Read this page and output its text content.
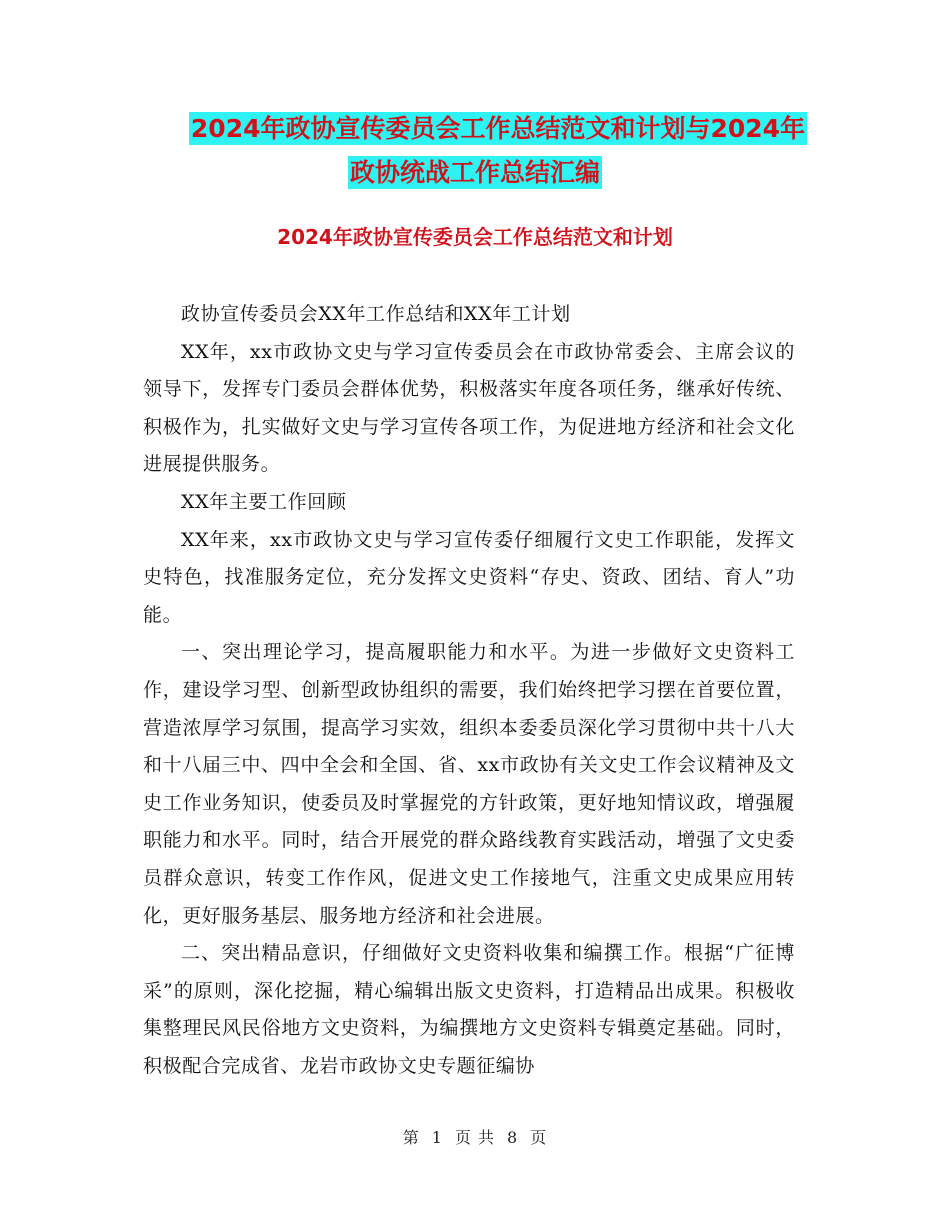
2024年政协宣传委员会工作总结范文和计划与2024年
政协统战工作总结汇编
2024年政协宣传委员会工作总结范文和计划

政协宣传委员会XX年工作总结和XX年工计划

XX年，xx市政协文史与学习宣传委员会在市政协常委会、主席会议的领导下，发挥专门委员会群体优势，积极落实年度各项任务，继承好传统、积极作为，扎实做好文史与学习宣传各项工作，为促进地方经济和社会文化进展提供服务。

XX年主要工作回顾

XX年来，xx市政协文史与学习宣传委仔细履行文史工作职能，发挥文史特色，找准服务定位，充分发挥文史资料“存史、资政、团结、育人”功能。

一、突出理论学习，提高履职能力和水平。为进一步做好文史资料工作，建设学习型、创新型政协组织的需要，我们始终把学习摆在首要位置，营造浓厚学习氛围，提高学习实效，组织本委委员深化学习贯彻中共十八大和十八届三中、四中全会和全国、省、xx市政协有关文史工作会议精神及文史工作业务知识，使委员及时掌握党的方针政策，更好地知情议政，增强履职能力和水平。同时，结合开展党的群众路线教育实践活动，增强了文史委员群众意识，转变工作作风，促进文史工作接地气，注重文史成果应用转化，更好服务基层、服务地方经济和社会进展。

二、突出精品意识，仔细做好文史资料收集和编撰工作。根据“广征博采”的原则，深化挖掘，精心编辑出版文史资料，打造精品出成果。积极收集整理民风民俗地方文史资料，为编撰地方文史资料专辑奠定基础。同时，积极配合完成省、龙岩市政协文史专题征编协

第 1 页 共 8 页
